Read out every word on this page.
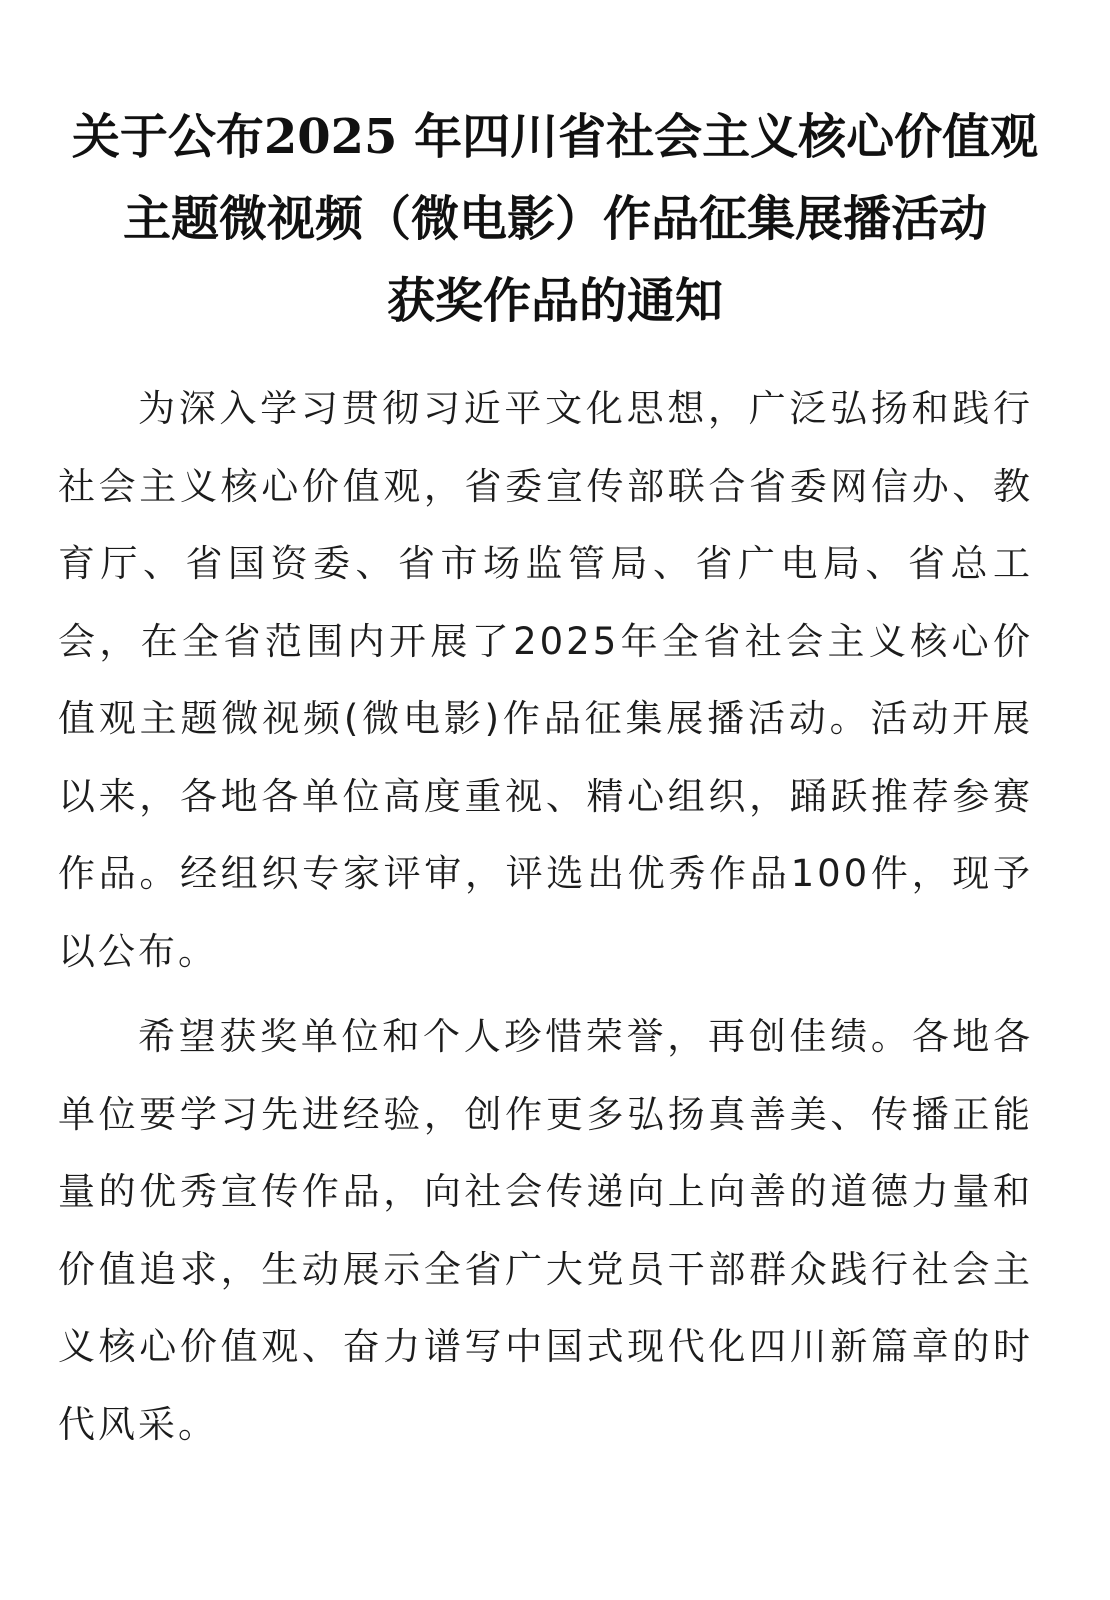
关于公布2025 年四川省社会主义核心价值观
主题微视频（微电影）作品征集展播活动
获奖作品的通知

为深入学习贯彻习近平文化思想，广泛弘扬和践行社会主义核心价值观，省委宣传部联合省委网信办、教育厅、省国资委、省市场监管局、省广电局、省总工会，在全省范围内开展了2025年全省社会主义核心价值观主题微视频(微电影)作品征集展播活动。活动开展以来，各地各单位高度重视、精心组织，踊跃推荐参赛作品。经组织专家评审，评选出优秀作品100件，现予以公布。

希望获奖单位和个人珍惜荣誉，再创佳绩。各地各单位要学习先进经验，创作更多弘扬真善美、传播正能量的优秀宣传作品，向社会传递向上向善的道德力量和价值追求，生动展示全省广大党员干部群众践行社会主义核心价值观、奋力谱写中国式现代化四川新篇章的时代风采。
